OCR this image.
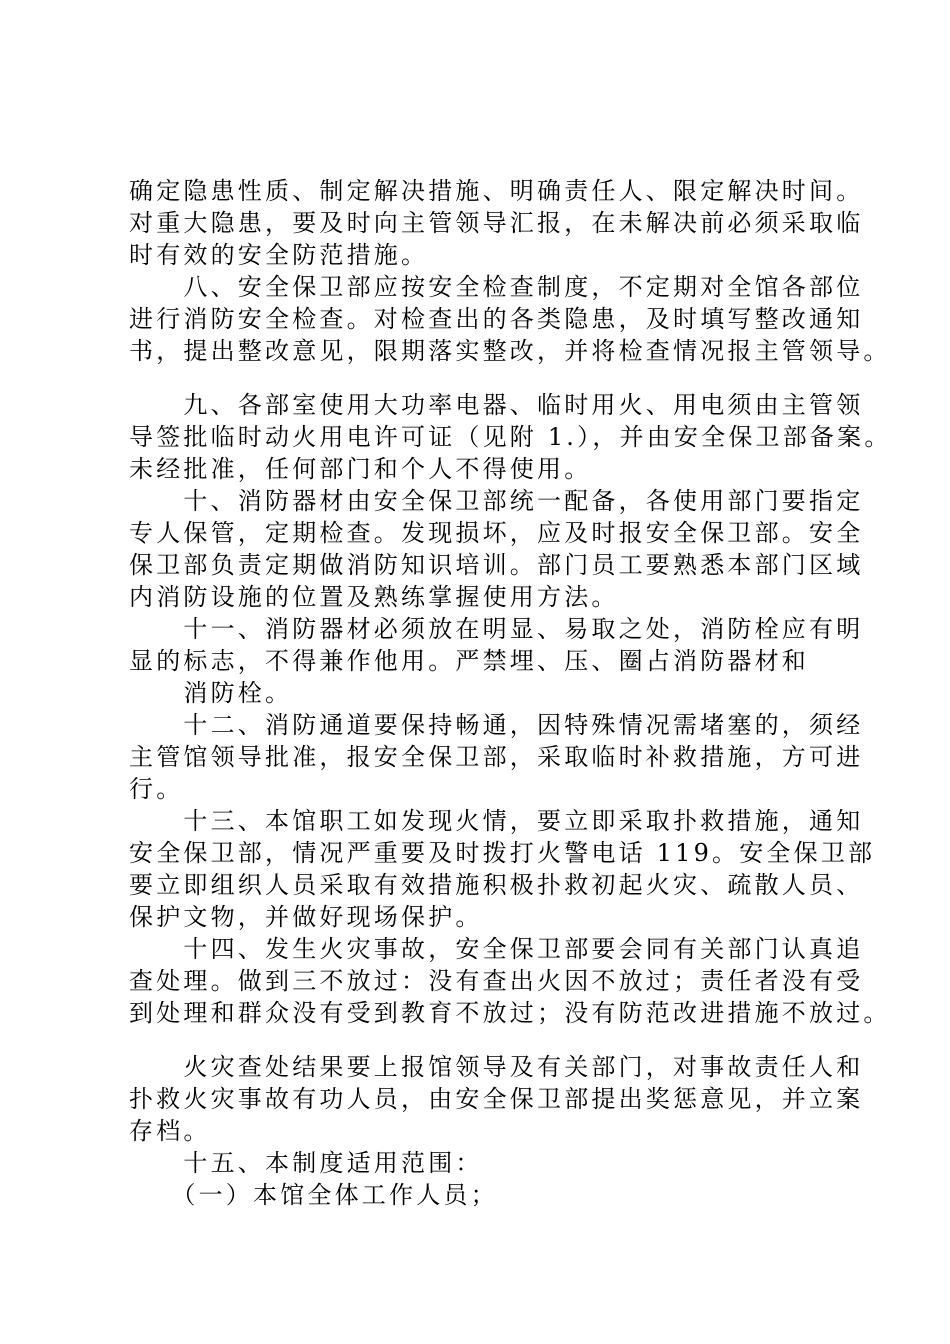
确定隐患性质、制定解决措施、明确责任人、限定解决时间。
对重大隐患，要及时向主管领导汇报，在未解决前必须采取临
时有效的安全防范措施。
　　八、安全保卫部应按安全检查制度，不定期对全馆各部位
进行消防安全检查。对检查出的各类隐患，及时填写整改通知
书，提出整改意见，限期落实整改，并将检查情况报主管领导。
　　九、各部室使用大功率电器、临时用火、用电须由主管领
导签批临时动火用电许可证（见附 1.），并由安全保卫部备案。
未经批准，任何部门和个人不得使用。
　　十、消防器材由安全保卫部统一配备，各使用部门要指定
专人保管，定期检查。发现损坏，应及时报安全保卫部。安全
保卫部负责定期做消防知识培训。部门员工要熟悉本部门区域
内消防设施的位置及熟练掌握使用方法。
　　十一、消防器材必须放在明显、易取之处，消防栓应有明
显的标志，不得兼作他用。严禁埋、压、圈占消防器材和
　　消防栓。
　　十二、消防通道要保持畅通，因特殊情况需堵塞的，须经
主管馆领导批准，报安全保卫部，采取临时补救措施，方可进
行。
　　十三、本馆职工如发现火情，要立即采取扑救措施，通知
安全保卫部，情况严重要及时拨打火警电话 119。安全保卫部
要立即组织人员采取有效措施积极扑救初起火灾、疏散人员、
保护文物，并做好现场保护。
　　十四、发生火灾事故，安全保卫部要会同有关部门认真追
查处理。做到三不放过：没有查出火因不放过；责任者没有受
到处理和群众没有受到教育不放过；没有防范改进措施不放过。
　　火灾查处结果要上报馆领导及有关部门，对事故责任人和
扑救火灾事故有功人员，由安全保卫部提出奖惩意见，并立案
存档。
　　十五、本制度适用范围：
　　（一）本馆全体工作人员；
